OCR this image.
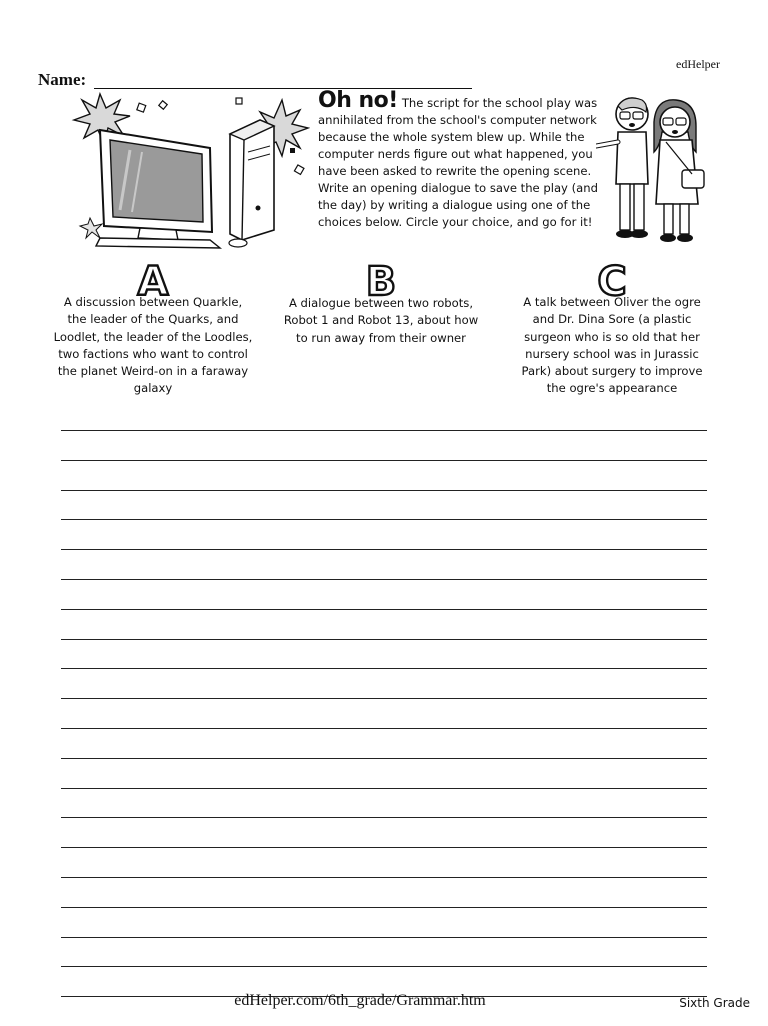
edHelper
Name:
Oh no! The script for the school play was annihilated from the school's computer network because the whole system blew up. While the computer nerds figure out what happened, you have been asked to rewrite the opening scene. Write an opening dialogue to save the play (and the day) by writing a dialogue using one of the choices below. Circle your choice, and go for it!
A
A discussion between Quarkle, the leader of the Quarks, and Loodlet, the leader of the Loodles, two factions who want to control the planet Weird-on in a faraway galaxy
B
A dialogue between two robots, Robot 1 and Robot 13, about how to run away from their owner
C
A talk between Oliver the ogre and Dr. Dina Sore (a plastic surgeon who is so old that her nursery school was in Jurassic Park) about surgery to improve the ogre's appearance
edHelper.com/6th_grade/Grammar.htm	Sixth Grade
